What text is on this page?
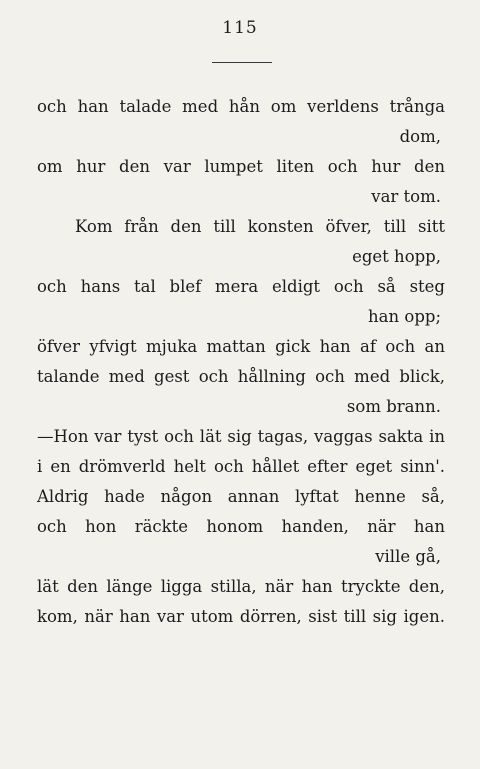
115
och han talade med hån om verldens trånga
dom,
om hur den var lumpet liten och hur den
var tom.
Kom från den till konsten öfver, till sitt
eget hopp,
och hans tal blef mera eldigt och så steg
han opp;
öfver yfvigt mjuka mattan gick han af och an
talande med gest och hållning och med blick,
som brann.
—Hon var tyst och lät sig tagas, vaggas sakta in
i en drömverld helt och hållet efter eget sinn'.
Aldrig hade någon annan lyftat henne så,
och hon räckte honom handen, när han
ville gå,
lät den länge ligga stilla, när han tryckte den,
kom, när han var utom dörren, sist till sig igen.
